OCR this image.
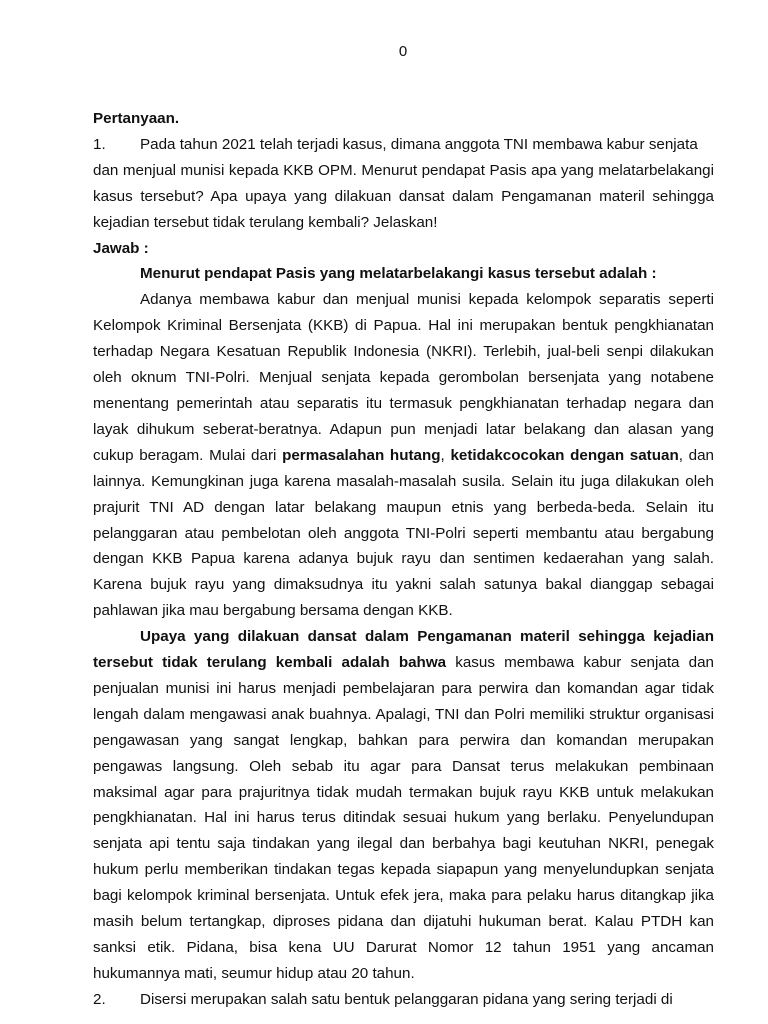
0

Pertanyaan.

1.	Pada tahun 2021 telah terjadi kasus, dimana anggota TNI membawa kabur senjata

dan menjual munisi kepada KKB OPM. Menurut pendapat Pasis apa yang melatarbelakangi kasus tersebut? Apa upaya yang dilakuan dansat dalam Pengamanan materil sehingga kejadian tersebut tidak terulang kembali? Jelaskan!

Jawab :

Menurut pendapat Pasis yang melatarbelakangi kasus tersebut adalah :

Adanya membawa kabur dan menjual munisi kepada kelompok separatis seperti Kelompok Kriminal Bersenjata (KKB) di Papua. Hal ini merupakan bentuk pengkhianatan terhadap Negara Kesatuan Republik Indonesia (NKRI). Terlebih, jual-beli senpi dilakukan oleh oknum TNI-Polri. Menjual senjata kepada gerombolan bersenjata yang notabene menentang pemerintah atau separatis itu termasuk pengkhianatan terhadap negara dan layak dihukum seberat-beratnya. Adapun pun menjadi latar belakang dan alasan yang cukup beragam. Mulai dari permasalahan hutang, ketidakcocokan dengan satuan, dan lainnya. Kemungkinan juga karena masalah-masalah susila. Selain itu juga dilakukan oleh prajurit TNI AD dengan latar belakang maupun etnis yang berbeda-beda. Selain itu pelanggaran atau pembelotan oleh anggota TNI-Polri seperti membantu atau bergabung dengan KKB Papua karena adanya bujuk rayu dan sentimen kedaerahan yang salah. Karena bujuk rayu yang dimaksudnya itu yakni salah satunya bakal dianggap sebagai pahlawan jika mau bergabung bersama dengan KKB.

Upaya yang dilakuan dansat dalam Pengamanan materil sehingga kejadian tersebut tidak terulang kembali adalah bahwa kasus membawa kabur senjata dan penjualan munisi ini harus menjadi pembelajaran para perwira dan komandan agar tidak lengah dalam mengawasi anak buahnya. Apalagi, TNI dan Polri memiliki struktur organisasi pengawasan yang sangat lengkap, bahkan para perwira dan komandan merupakan pengawas langsung. Oleh sebab itu agar para Dansat terus melakukan pembinaan maksimal agar para prajuritnya tidak mudah termakan bujuk rayu KKB untuk melakukan pengkhianatan. Hal ini harus terus ditindak sesuai hukum yang berlaku. Penyelundupan senjata api tentu saja tindakan yang ilegal dan berbahya bagi keutuhan NKRI, penegak hukum perlu memberikan tindakan tegas kepada siapapun yang menyelundupkan senjata bagi kelompok kriminal bersenjata. Untuk efek jera, maka para pelaku harus ditangkap jika masih belum tertangkap, diproses pidana dan dijatuhi hukuman berat. Kalau PTDH kan sanksi etik. Pidana, bisa kena UU Darurat Nomor 12 tahun 1951 yang ancaman hukumannya mati, seumur hidup atau 20 tahun.

2.	Disersi merupakan salah satu bentuk pelanggaran pidana yang sering terjadi di
